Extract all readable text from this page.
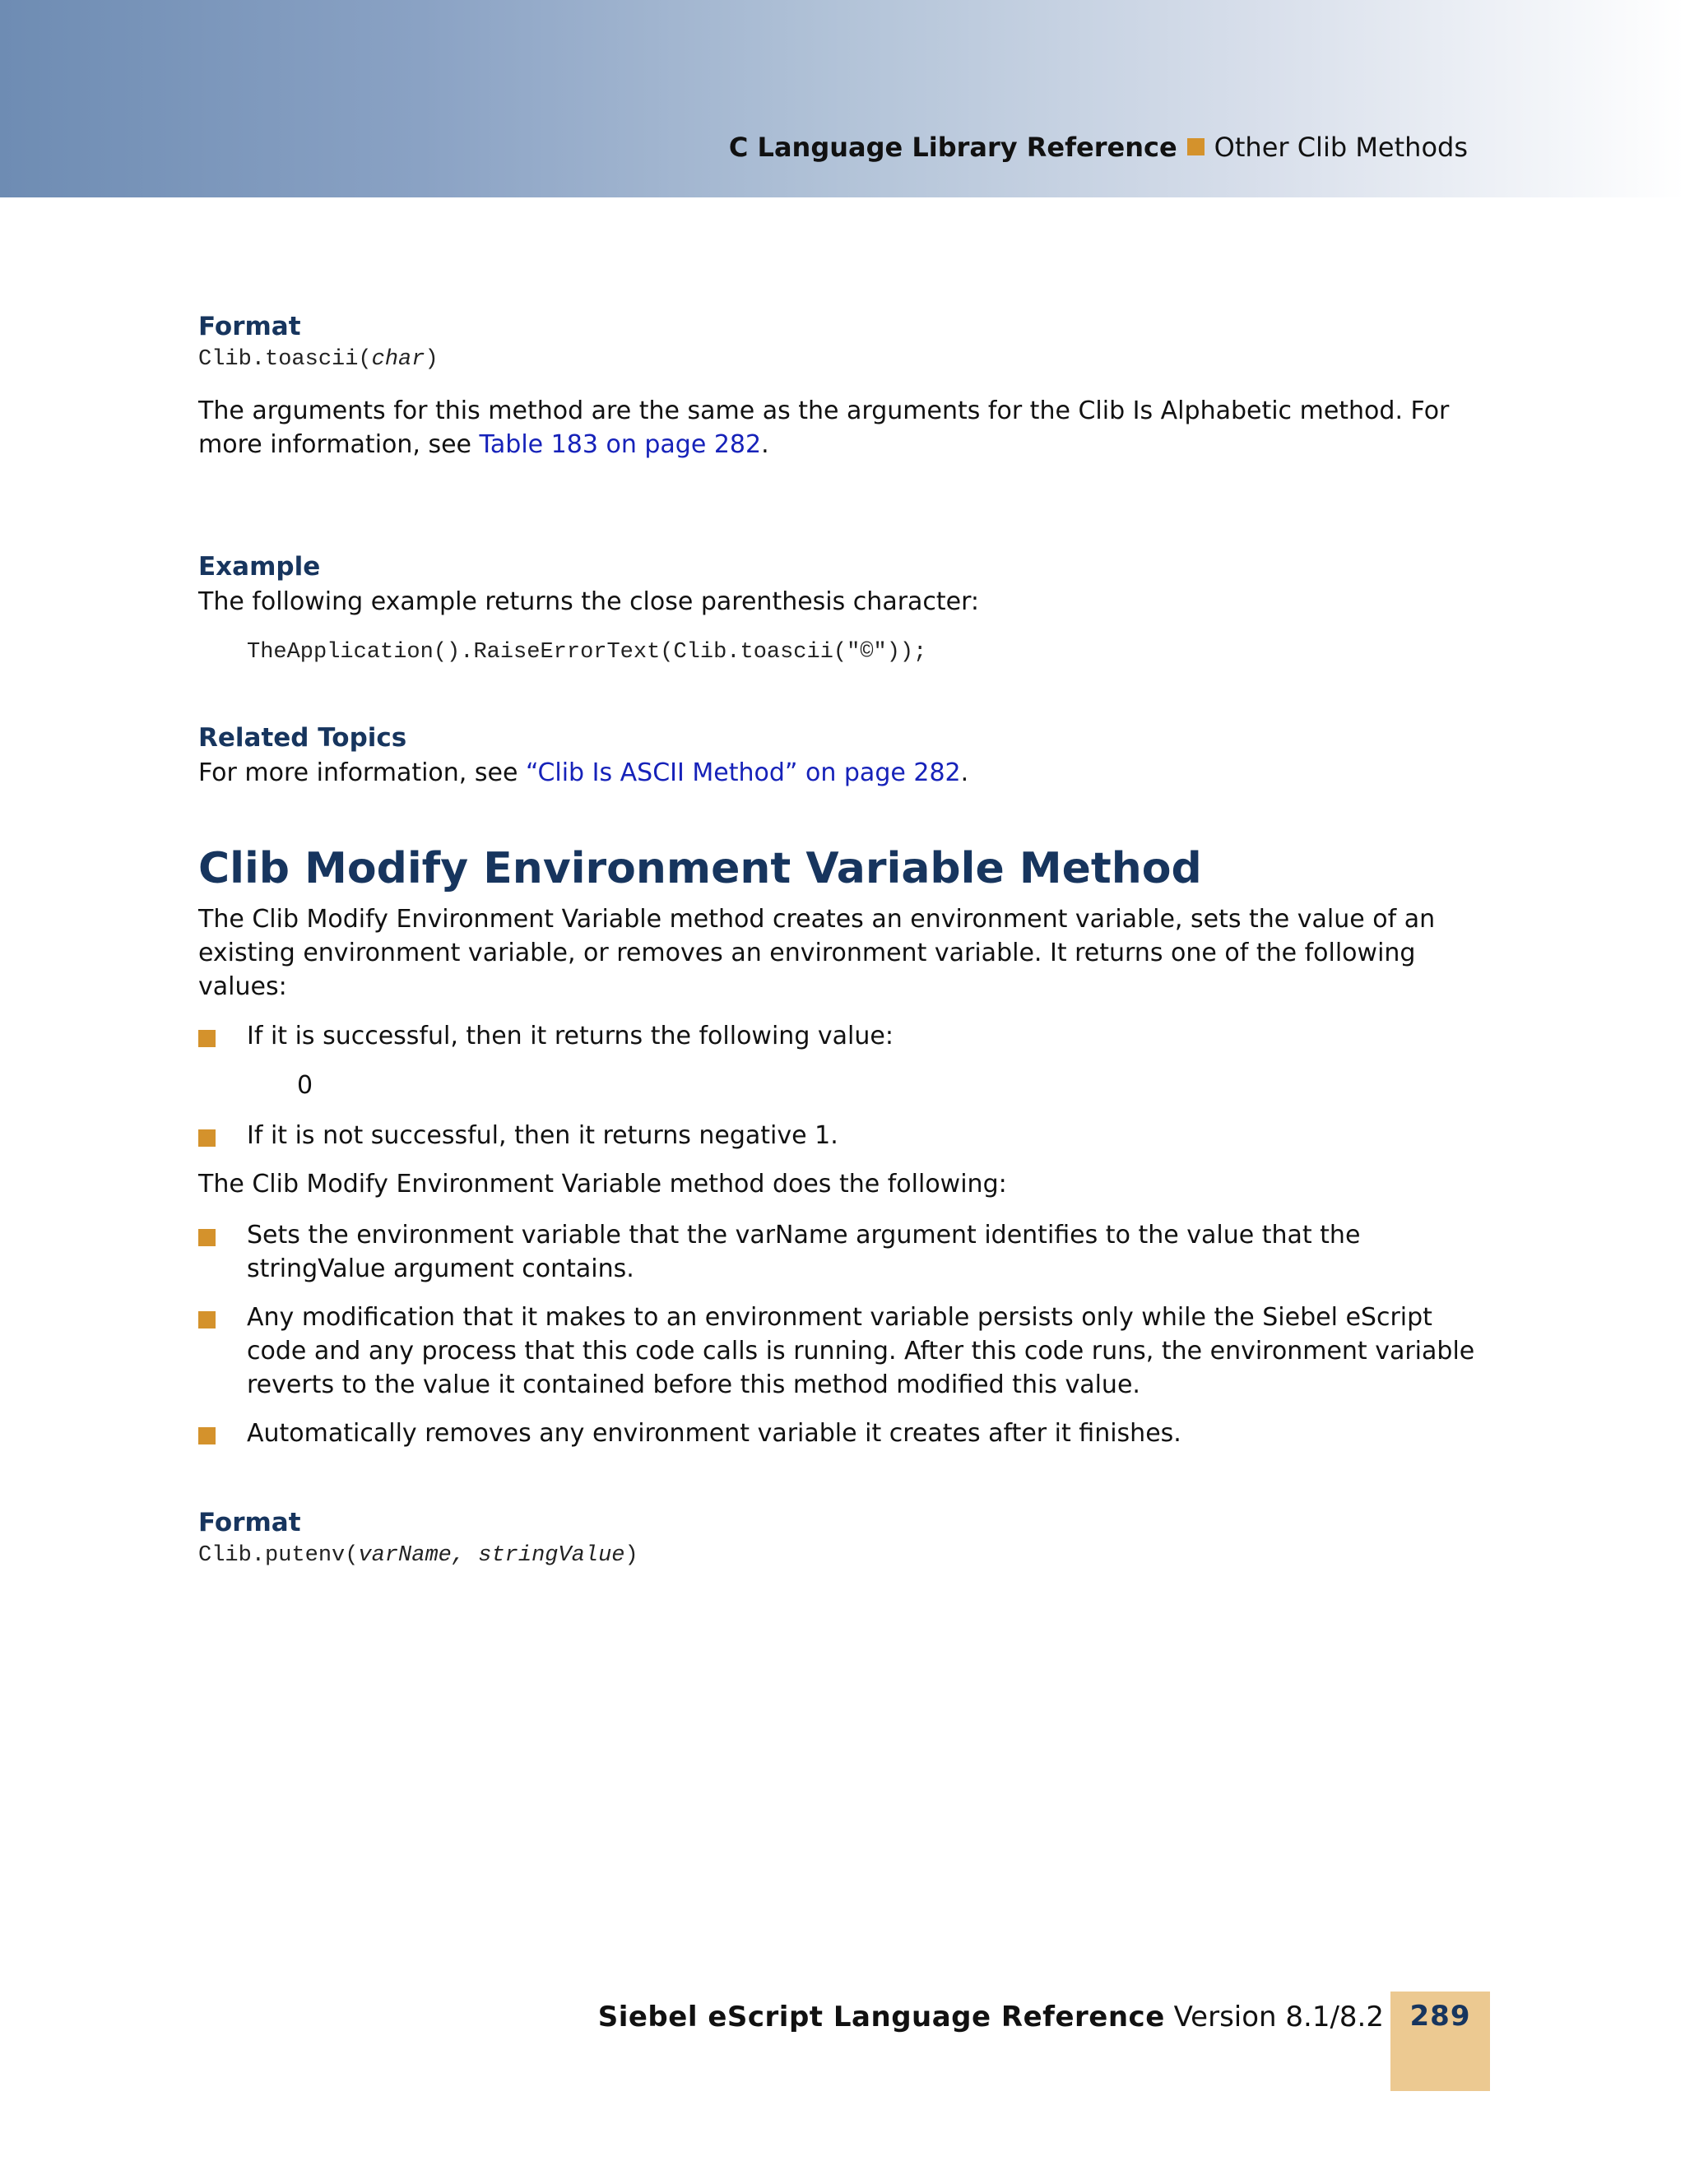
C Language Library Reference Other Clib Methods

Format

Clib.toascii(char)

The arguments for this method are the same as the arguments for the Clib Is Alphabetic method. For more information, see Table 183 on page 282.

Example

The following example returns the close parenthesis character:

TheApplication().RaiseErrorText(Clib.toascii("©"));

Related Topics

For more information, see “Clib Is ASCII Method” on page 282.

Clib Modify Environment Variable Method

The Clib Modify Environment Variable method creates an environment variable, sets the value of an existing environment variable, or removes an environment variable. It returns one of the following values:

If it is successful, then it returns the following value:

0

If it is not successful, then it returns negative 1.

The Clib Modify Environment Variable method does the following:

Sets the environment variable that the varName argument identifies to the value that the stringValue argument contains.
Any modification that it makes to an environment variable persists only while the Siebel eScript code and any process that this code calls is running. After this code runs, the environment variable reverts to the value it contained before this method modified this value.
Automatically removes any environment variable it creates after it finishes.

Format

Clib.putenv(varName, stringValue)

Siebel eScript Language Reference Version 8.1/8.2 289
